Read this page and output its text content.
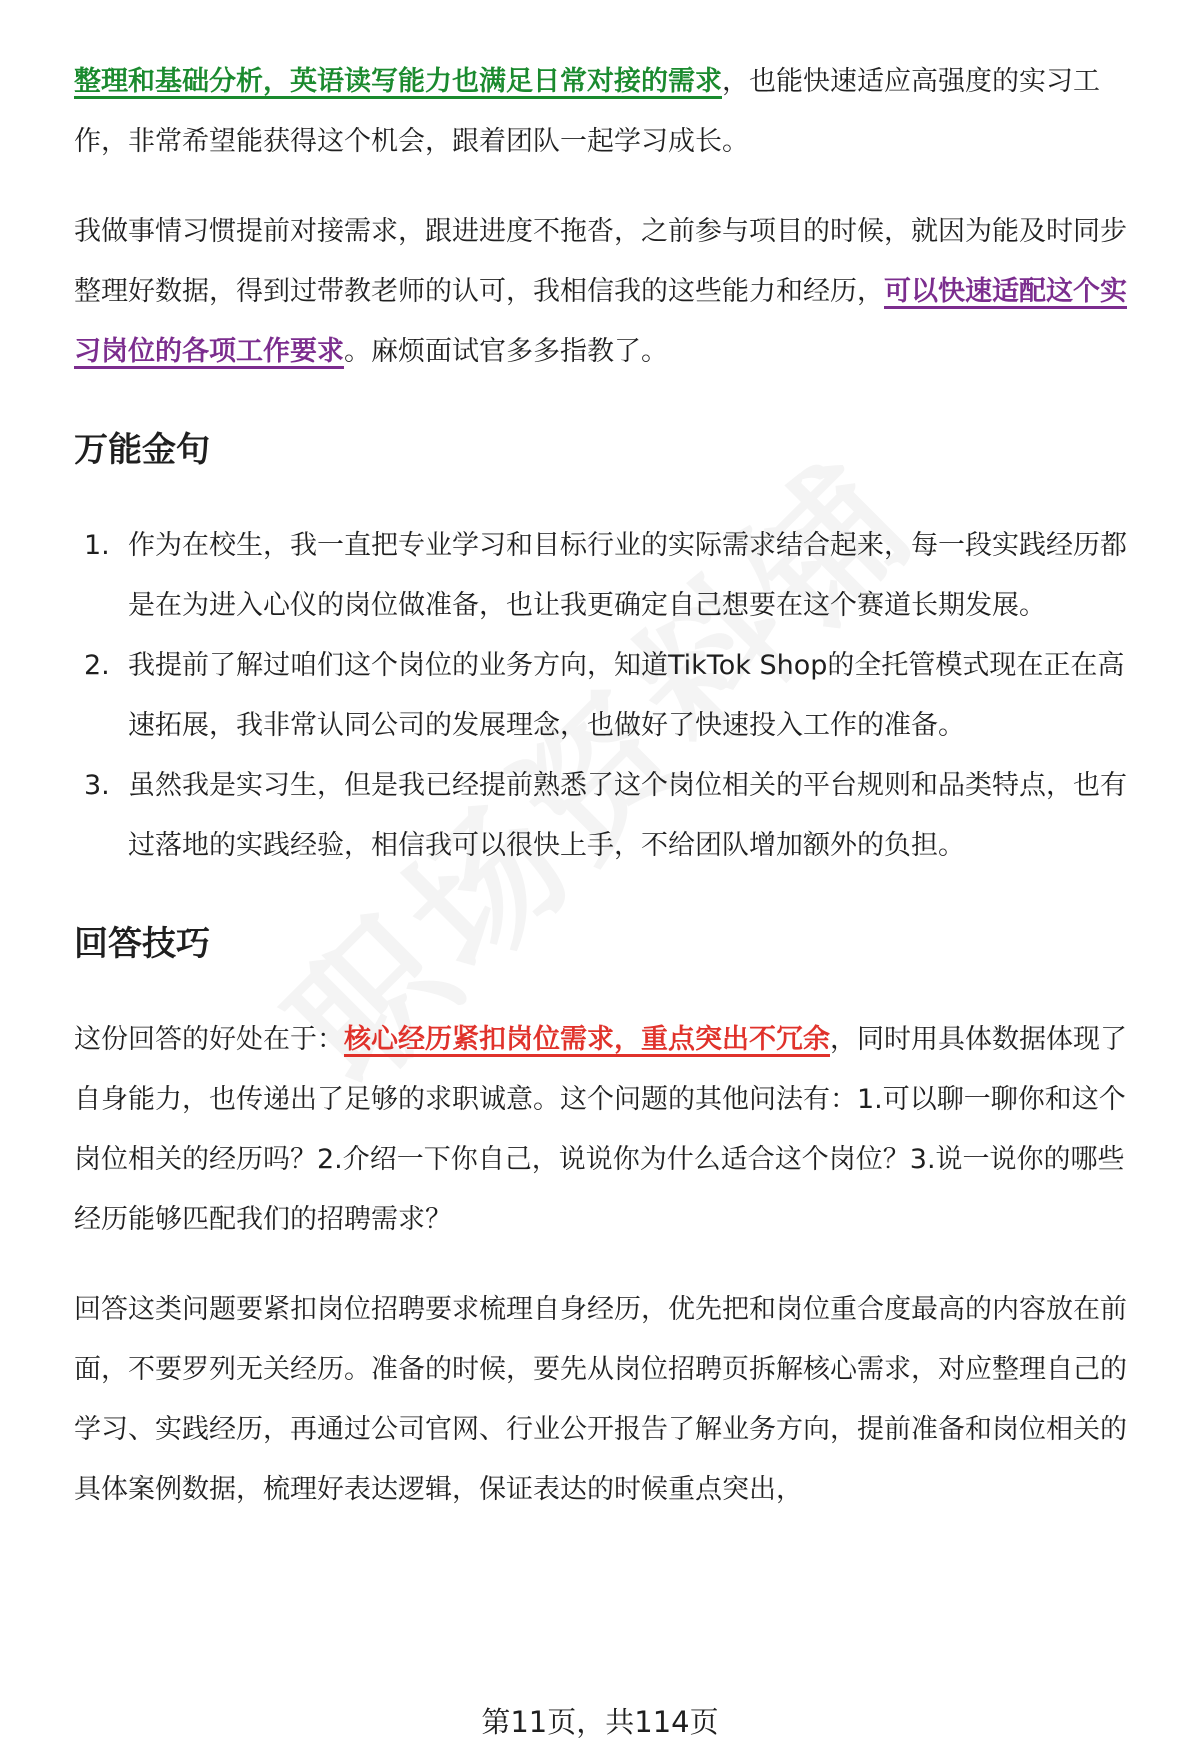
整理和基础分析，英语读写能力也满足日常对接的需求，也能快速适应高强度的实习工作，非常希望能获得这个机会，跟着团队一起学习成长。

我做事情习惯提前对接需求，跟进进度不拖沓，之前参与项目的时候，就因为能及时同步整理好数据，得到过带教老师的认可，我相信我的这些能力和经历，可以快速适配这个实习岗位的各项工作要求。麻烦面试官多多指教了。

万能金句
1. 作为在校生，我一直把专业学习和目标行业的实际需求结合起来，每一段实践经历都是在为进入心仪的岗位做准备，也让我更确定自己想要在这个赛道长期发展。
2. 我提前了解过咱们这个岗位的业务方向，知道TikTok Shop的全托管模式现在正在高速拓展，我非常认同公司的发展理念，也做好了快速投入工作的准备。
3. 虽然我是实习生，但是我已经提前熟悉了这个岗位相关的平台规则和品类特点，也有过落地的实践经验，相信我可以很快上手，不给团队增加额外的负担。
回答技巧

这份回答的好处在于：核心经历紧扣岗位需求，重点突出不冗余，同时用具体数据体现了自身能力，也传递出了足够的求职诚意。这个问题的其他问法有：1.可以聊一聊你和这个岗位相关的经历吗？2.介绍一下你自己，说说你为什么适合这个岗位？3.说一说你的哪些经历能够匹配我们的招聘需求？

回答这类问题要紧扣岗位招聘要求梳理自身经历，优先把和岗位重合度最高的内容放在前面，不要罗列无关经历。准备的时候，要先从岗位招聘页拆解核心需求，对应整理自己的学习、实践经历，再通过公司官网、行业公开报告了解业务方向，提前准备和岗位相关的具体案例数据，梳理好表达逻辑，保证表达的时候重点突出，

第11页，共114页
